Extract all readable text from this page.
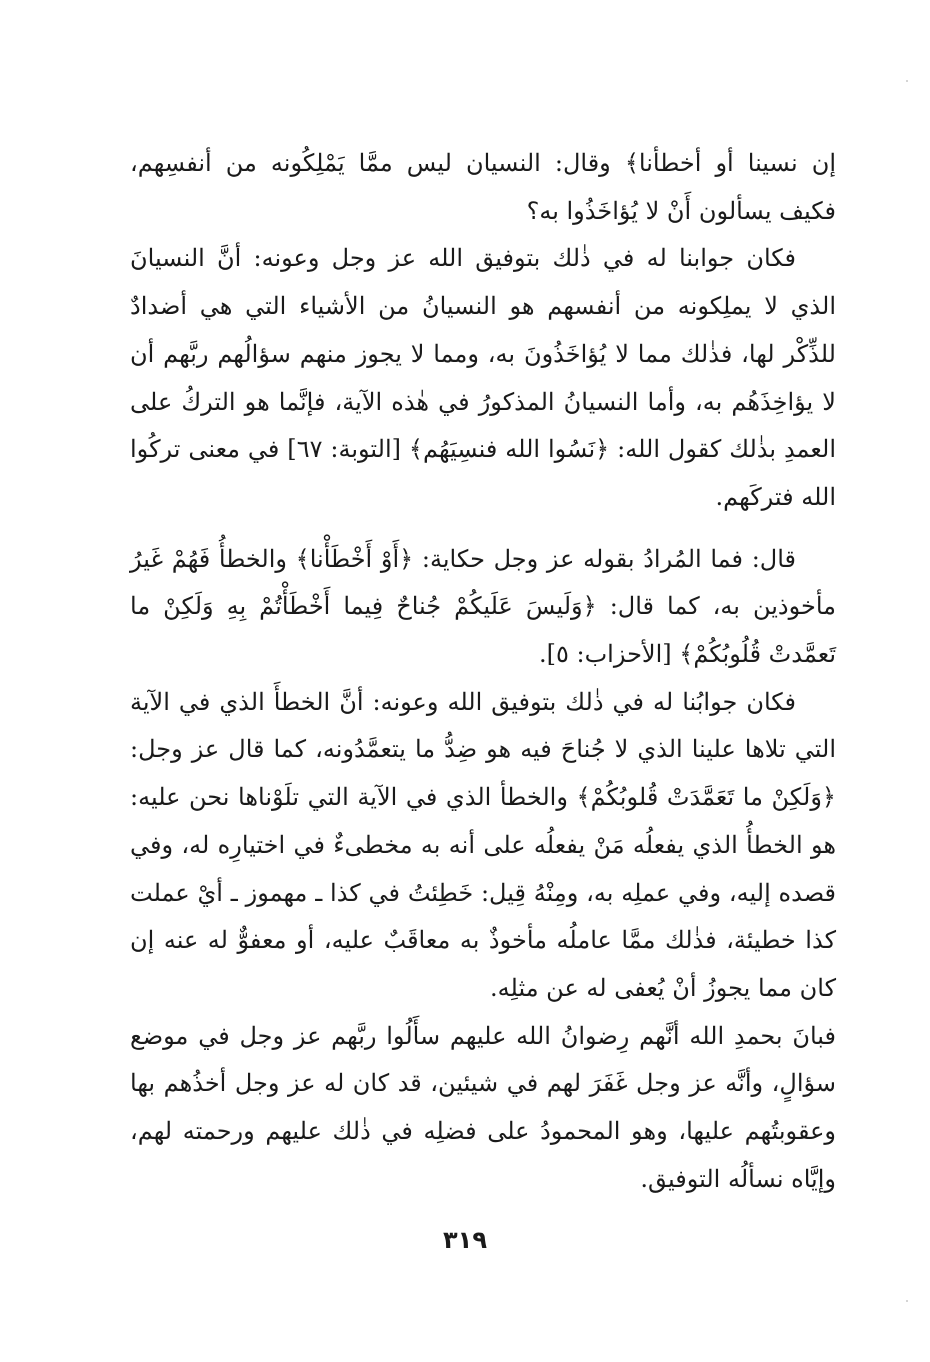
إن نسينا أو أخطأنا﴾ وقال: النسيان ليس ممَّا يَمْلِكُونه من أنفسِهم، فكيف يسألون أَنْ لا يُؤاخَذُوا به؟

فكان جوابنا له في ذٰلك بتوفيق الله عز وجل وعونه: أنَّ النسيانَ الذي لا يملِكونه من أنفسهم هو النسيانُ من الأشياء التي هي أضدادٌ للذِّكْر لها، فذٰلك مما لا يُؤاخَذُونَ به، ومما لا يجوز منهم سؤالُهم ربَّهم أن لا يؤاخِذَهُم به، وأما النسيانُ المذكورُ في هٰذه الآية، فإنَّما هو التركُ على العمدِ بذٰلك كقول الله: ﴿نَسُوا الله فنسِيَهُم﴾ [التوبة: ٦٧] في معنى تركُوا الله فتركَهم.

قال: فما المُرادُ بقوله عز وجل حكاية: ﴿أَوْ أَخْطَأْنا﴾ والخطأُ فَهُمْ غَيرُ مأخوذين به، كما قال: ﴿وَلَيسَ عَلَيكُمْ جُناحٌ فِيما أَخْطَأْتُمْ بِهِ وَلَكِنْ ما تَعمَّدتْ قُلُوبُكُمْ﴾ [الأحزاب: ٥].

فكان جوابُنا له في ذٰلك بتوفيق الله وعونه: أنَّ الخطأَ الذي في الآية التي تلاها علينا الذي لا جُناحَ فيه هو ضِدُّ ما يتعمَّدُونه، كما قال عز وجل: ﴿وَلَكِنْ ما تَعَمَّدَتْ قُلوبُكُمْ﴾ والخطأ الذي في الآية التي تلَوْناها نحن عليه: هو الخطأُ الذي يفعلُه مَنْ يفعلُه على أنه به مخطىءٌ في اختيارِه له، وفي قصده إليه، وفي عملِه به، ومِنْهُ قِيل: خَطِئتُ في كذا ـ مهموز ـ أيْ عملت كذا خطيئة، فذٰلك ممَّا عاملُه مأخوذٌ به معاقَبٌ عليه، أو معفوٌّ له عنه إن كان مما يجوزُ أنْ يُعفى له عن مثلِه.

فبانَ بحمدِ الله أنَّهم رِضوانُ الله عليهم سأَلُوا ربَّهم عز وجل في موضع سؤالٍ، وأنَّه عز وجل غَفَرَ لهم في شيئين، قد كان له عز وجل أخذُهم بها وعقوبتُهم عليها، وهو المحمودُ على فضلِه في ذٰلك عليهم ورحمته لهم، وإيَّاه نسألُه التوفيق.

٣١٩
